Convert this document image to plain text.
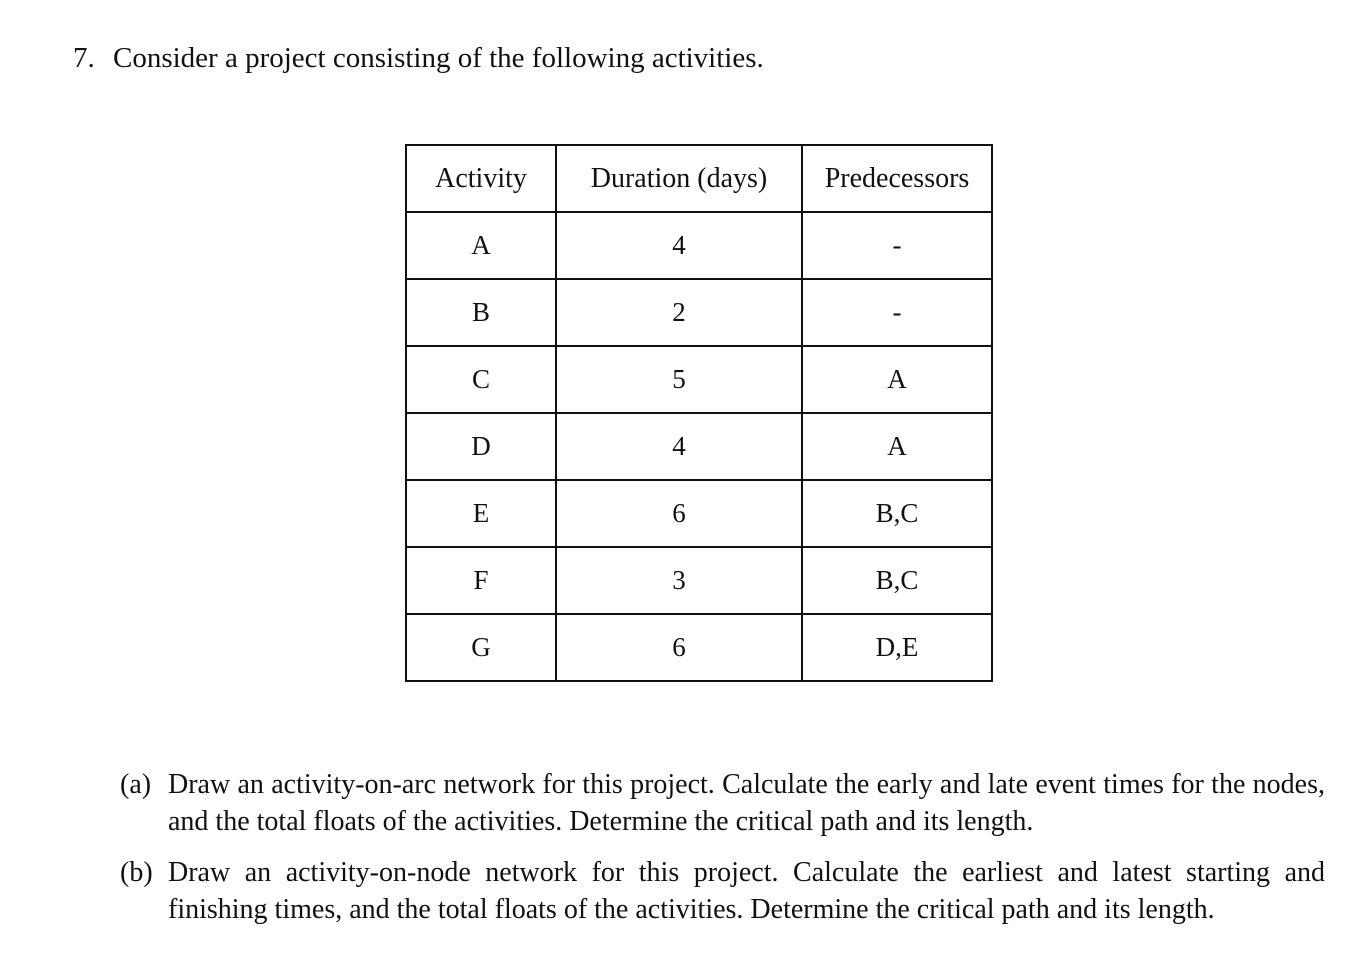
7. Consider a project consisting of the following activities.
Activity	Duration (days)	Predecessors
A	4	-
B	2	-
C	5	A
D	4	A
E	6	B,C
F	3	B,C
G	6	D,E
(a) Draw an activity-on-arc network for this project. Calculate the early and late event times for the nodes, and the total floats of the activities. Determine the critical path and its length.
(b) Draw an activity-on-node network for this project. Calculate the earliest and latest starting and finishing times, and the total floats of the activities. Determine the critical path and its length.
